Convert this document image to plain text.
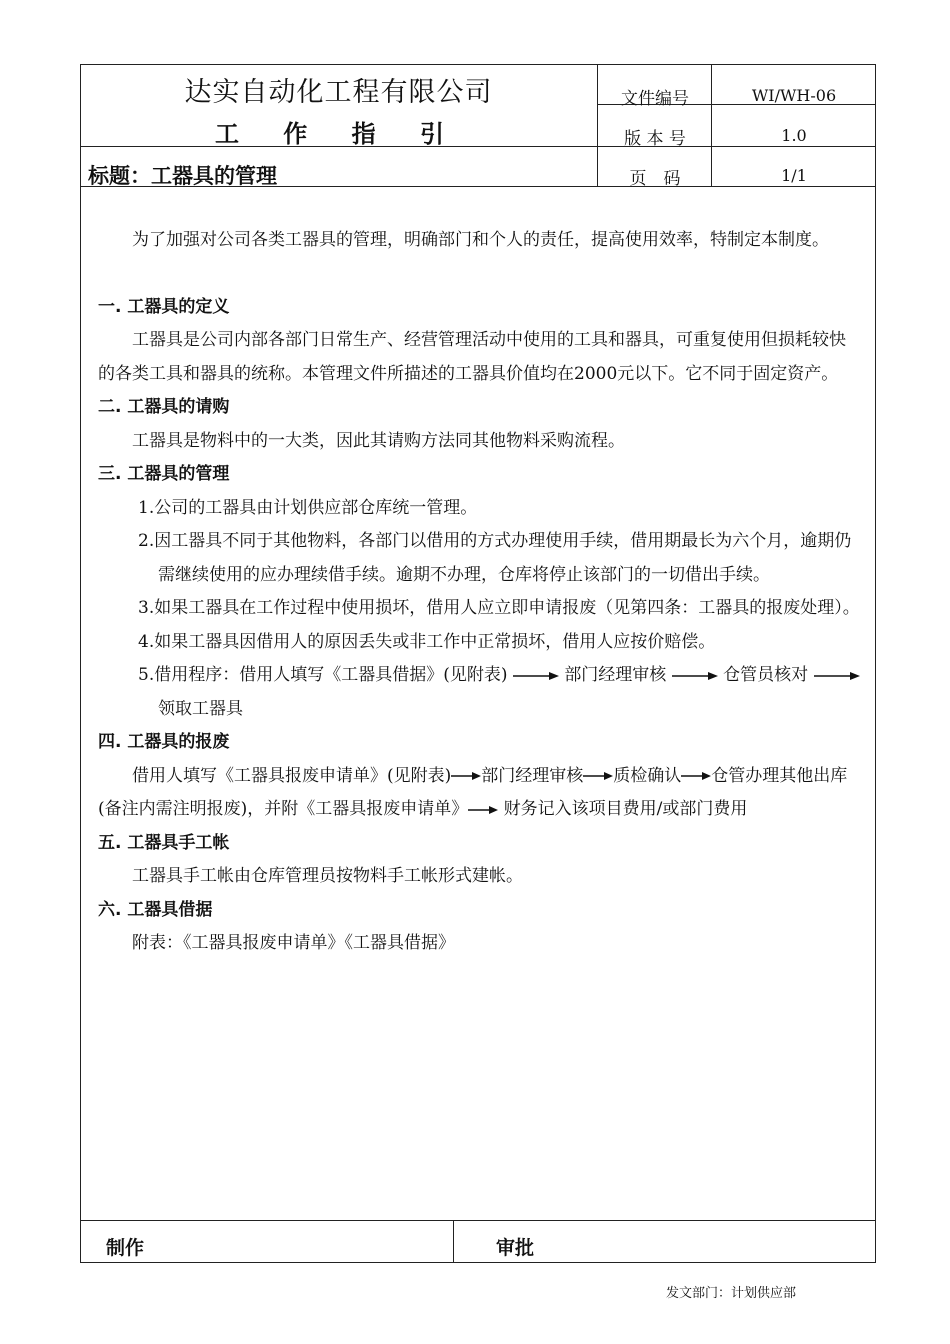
达实自动化工程有限公司
工 作 指 引
标题：工器具的管理
文件编号	WI/WH-06
版 本 号	1.0
页　码	1/1

为了加强对公司各类工器具的管理，明确部门和个人的责任，提高使用效率，特制定本制度。

一. 工器具的定义

工器具是公司内部各部门日常生产、经营管理活动中使用的工具和器具，可重复使用但损耗较快的各类工具和器具的统称。本管理文件所描述的工器具价值均在2000元以下。它不同于固定资产。

二. 工器具的请购

工器具是物料中的一大类，因此其请购方法同其他物料采购流程。

三. 工器具的管理

1.公司的工器具由计划供应部仓库统一管理。

2.因工器具不同于其他物料，各部门以借用的方式办理使用手续，借用期最长为六个月，逾期仍需继续使用的应办理续借手续。逾期不办理，仓库将停止该部门的一切借出手续。

3.如果工器具在工作过程中使用损坏，借用人应立即申请报废（见第四条：工器具的报废处理）。

4.如果工器具因借用人的原因丢失或非工作中正常损坏，借用人应按价赔偿。

5.借用程序：借用人填写《工器具借据》(见附表)	部门经理审核	仓管员核对  领取工器具

四. 工器具的报废

借用人填写《工器具报废申请单》(见附表) 部门经理审核 质检确认 仓管办理其他出库(备注内需注明报废)，并附《工器具报废申请单》 财务记入该项目费用/或部门费用

五. 工器具手工帐

工器具手工帐由仓库管理员按物料手工帐形式建帐。

六. 工器具借据

附表：《工器具报废申请单》《工器具借据》

制作	审批
发文部门：计划供应部
